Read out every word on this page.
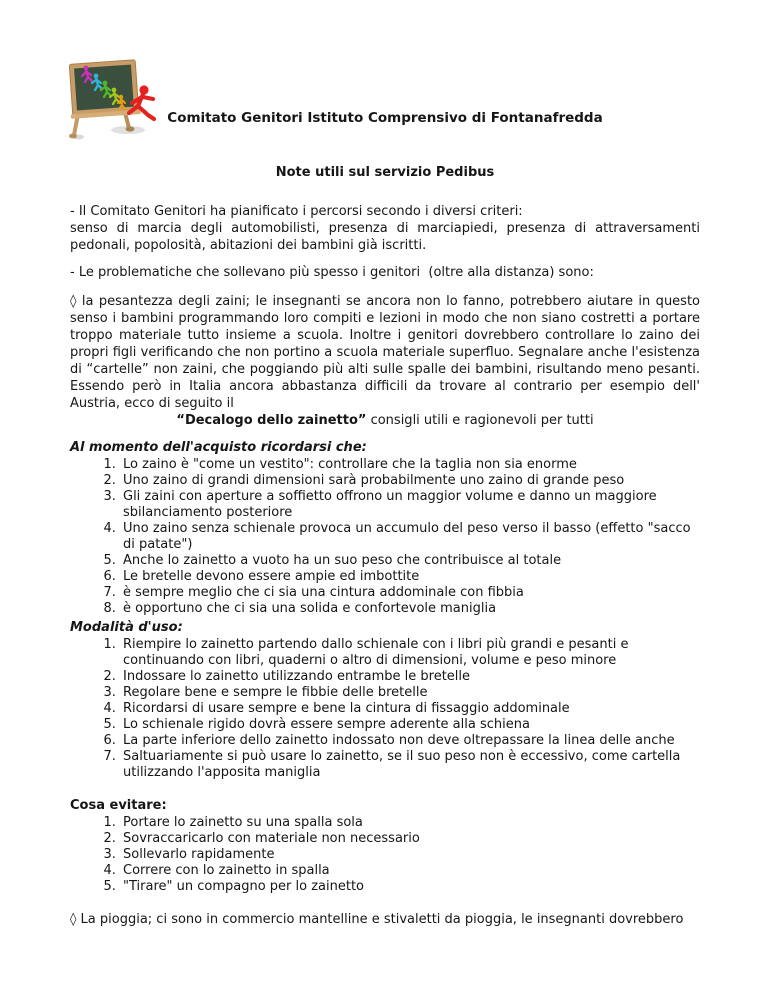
Comitato Genitori Istituto Comprensivo di Fontanafredda
Note utili sul servizio Pedibus
- Il Comitato Genitori ha pianificato i percorsi secondo i diversi criteri:
senso di marcia degli automobilisti, presenza di marciapiedi, presenza di attraversamenti pedonali, popolosità, abitazioni dei bambini già iscritti.
- Le problematiche che sollevano più spesso i genitori  (oltre alla distanza) sono:
◊ la pesantezza degli zaini; le insegnanti se ancora non lo fanno, potrebbero aiutare in questo senso i bambini programmando loro compiti e lezioni in modo che non siano costretti a portare troppo materiale tutto insieme a scuola. Inoltre i genitori dovrebbero controllare lo zaino dei propri figli verificando che non portino a scuola materiale superfluo. Segnalare anche l'esistenza di “cartelle” non zaini, che poggiando più alti sulle spalle dei bambini, risultando meno pesanti. Essendo però in Italia ancora abbastanza difficili da trovare al contrario per esempio dell' Austria, ecco di seguito il
“Decalogo dello zainetto” consigli utili e ragionevoli per tutti
Al momento dell'acquisto ricordarsi che:
1. Lo zaino è "come un vestito": controllare che la taglia non sia enorme
2. Uno zaino di grandi dimensioni sarà probabilmente uno zaino di grande peso
3. Gli zaini con aperture a soffietto offrono un maggior volume e danno un maggiore sbilanciamento posteriore
4. Uno zaino senza schienale provoca un accumulo del peso verso il basso (effetto "sacco di patate")
5. Anche lo zainetto a vuoto ha un suo peso che contribuisce al totale
6. Le bretelle devono essere ampie ed imbottite
7. è sempre meglio che ci sia una cintura addominale con fibbia
8. è opportuno che ci sia una solida e confortevole maniglia
Modalità d'uso:
1. Riempire lo zainetto partendo dallo schienale con i libri più grandi e pesanti e continuando con libri, quaderni o altro di dimensioni, volume e peso minore
2. Indossare lo zainetto utilizzando entrambe le bretelle
3. Regolare bene e sempre le fibbie delle bretelle
4. Ricordarsi di usare sempre e bene la cintura di fissaggio addominale
5. Lo schienale rigido dovrà essere sempre aderente alla schiena
6. La parte inferiore dello zainetto indossato non deve oltrepassare la linea delle anche
7. Saltuariamente si può usare lo zainetto, se il suo peso non è eccessivo, come cartella utilizzando l'apposita maniglia
Cosa evitare:
1. Portare lo zainetto su una spalla sola
2. Sovraccaricarlo con materiale non necessario
3. Sollevarlo rapidamente
4. Correre con lo zainetto in spalla
5. "Tirare" un compagno per lo zainetto
◊ La pioggia; ci sono in commercio mantelline e stivaletti da pioggia, le insegnanti dovrebbero
